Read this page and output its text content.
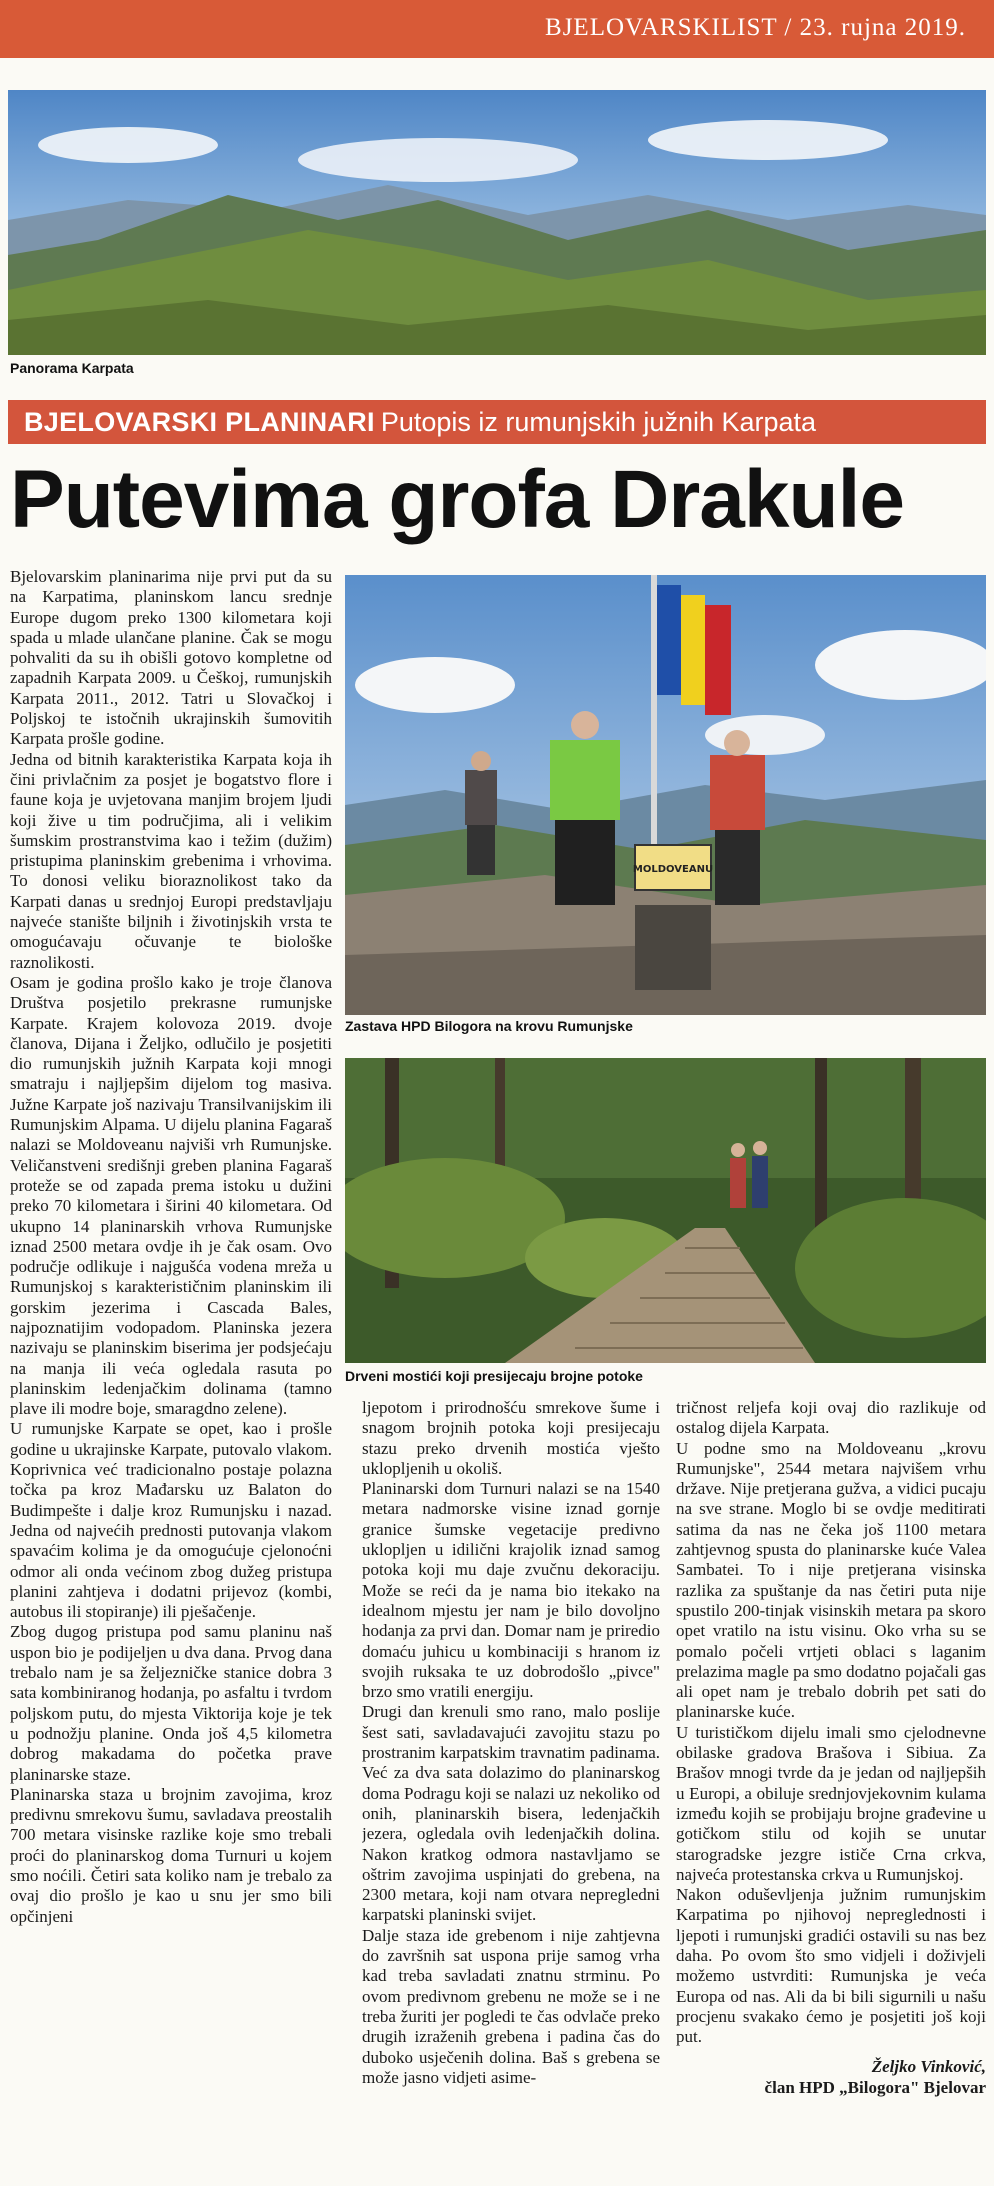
BJELOVARSKILIST / 23. rujna 2019.
Panorama Karpata
BJELOVARSKI PLANINARI Putopis iz rumunjskih južnih Karpata
Putevima grofa Drakule
MOLDOVEANU
Zastava HPD Bilogora na krovu Rumunjske
Drveni mostići koji presijecaju brojne potoke

Bjelovarskim planinarima nije prvi put da su na Karpatima, planinskom lancu srednje Europe dugom preko 1300 kilometara koji spada u mlade ulančane planine. Čak se mogu pohvaliti da su ih obišli gotovo kompletne od zapadnih Karpata 2009. u Češkoj, rumunjskih Karpata 2011., 2012. Tatri u Slovačkoj i Poljskoj te istočnih ukrajinskih šumovitih Karpata prošle godine.

Jedna od bitnih karakteristika Karpata koja ih čini privlačnim za posjet je bogatstvo flore i faune koja je uvjetovana manjim brojem ljudi koji žive u tim područjima, ali i velikim šumskim prostranstvima kao i težim (dužim) pristupima planinskim grebenima i vrhovima. To donosi veliku bioraznolikost tako da Karpati danas u srednjoj Europi predstavljaju najveće stanište biljnih i životinjskih vrsta te omogućavaju očuvanje te biološke raznolikosti.

Osam je godina prošlo kako je troje članova Društva posjetilo prekrasne rumunjske Karpate. Krajem kolovoza 2019. dvoje članova, Dijana i Željko, odlučilo je posjetiti dio rumunjskih južnih Karpata koji mnogi smatraju i najljepšim dijelom tog masiva. Južne Karpate još nazivaju Transilvanijskim ili Rumunjskim Alpama. U dijelu planina Fagaraš nalazi se Moldoveanu najviši vrh Rumunjske. Veličanstveni središnji greben planina Fagaraš proteže se od zapada prema istoku u dužini preko 70 kilometara i širini 40 kilometara. Od ukupno 14 planinarskih vrhova Rumunjske iznad 2500 metara ovdje ih je čak osam. Ovo područje odlikuje i najgušća vodena mreža u Rumunjskoj s karakterističnim planinskim ili gorskim jezerima i Cascada Bales, najpoznatijim vodopadom. Planinska jezera nazivaju se planinskim biserima jer podsjećaju na manja ili veća ogledala rasuta po planinskim ledenjačkim dolinama (tamno plave ili modre boje, smaragdno zelene).

U rumunjske Karpate se opet, kao i prošle godine u ukrajinske Karpate, putovalo vlakom. Koprivnica već tradicionalno postaje polazna točka pa kroz Mađarsku uz Balaton do Budimpešte i dalje kroz Rumunjsku i nazad. Jedna od najvećih prednosti putovanja vlakom spavaćim kolima je da omogućuje cjelonoćni odmor ali onda većinom zbog dužeg pristupa planini zahtjeva i dodatni prijevoz (kombi, autobus ili stopiranje) ili pješačenje.

Zbog dugog pristupa pod samu planinu naš uspon bio je podijeljen u dva dana. Prvog dana trebalo nam je sa željezničke stanice dobra 3 sata kombiniranog hodanja, po asfaltu i tvrdom poljskom putu, do mjesta Viktorija koje je tek u podnožju planine. Onda još 4,5 kilometra dobrog makadama do početka prave planinarske staze.

Planinarska staza u brojnim zavojima, kroz predivnu smrekovu šumu, savladava preostalih 700 metara visinske razlike koje smo trebali proći do planinarskog doma Turnuri u kojem smo noćili. Četiri sata koliko nam je trebalo za ovaj dio prošlo je kao u snu jer smo bili opčinjeni

ljepotom i prirodnošću smrekove šume i snagom brojnih potoka koji presijecaju stazu preko drvenih mostića vješto uklopljenih u okoliš.

Planinarski dom Turnuri nalazi se na 1540 metara nadmorske visine iznad gornje granice šumske vegetacije predivno uklopljen u idilični krajolik iznad samog potoka koji mu daje zvučnu dekoraciju. Može se reći da je nama bio itekako na idealnom mjestu jer nam je bilo dovoljno hodanja za prvi dan. Domar nam je priredio domaću juhicu u kombinaciji s hranom iz svojih ruksaka te uz dobrodošlo „pivce" brzo smo vratili energiju.

Drugi dan krenuli smo rano, malo poslije šest sati, savladavajući zavojitu stazu po prostranim karpatskim travnatim padinama. Već za dva sata dolazimo do planinarskog doma Podragu koji se nalazi uz nekoliko od onih, planinarskih bisera, ledenjačkih jezera, ogledala ovih ledenjačkih dolina. Nakon kratkog odmora nastavljamo se oštrim zavojima uspinjati do grebena, na 2300 metara, koji nam otvara nepregledni karpatski planinski svijet.

Dalje staza ide grebenom i nije zahtjevna do završnih sat uspona prije samog vrha kad treba savladati znatnu strminu. Po ovom predivnom grebenu ne može se i ne treba žuriti jer pogledi te čas odvlače preko drugih izraženih grebena i padina čas do duboko usječenih dolina. Baš s grebena se može jasno vidjeti asime-

tričnost reljefa koji ovaj dio razlikuje od ostalog dijela Karpata.

U podne smo na Moldoveanu „krovu Rumunjske", 2544 metara najvišem vrhu države. Nije pretjerana gužva, a vidici pucaju na sve strane. Moglo bi se ovdje meditirati satima da nas ne čeka još 1100 metara zahtjevnog spusta do planinarske kuće Valea Sambatei. To i nije pretjerana visinska razlika za spuštanje da nas četiri puta nije spustilo 200-tinjak visinskih metara pa skoro opet vratilo na istu visinu. Oko vrha su se pomalo počeli vrtjeti oblaci s laganim prelazima magle pa smo dodatno pojačali gas ali opet nam je trebalo dobrih pet sati do planinarske kuće.

U turističkom dijelu imali smo cjelodnevne obilaske gradova Brašova i Sibiua. Za Brašov mnogi tvrde da je jedan od najljepših u Europi, a obiluje srednjovjekovnim kulama između kojih se probijaju brojne građevine u gotičkom stilu od kojih se unutar starogradske jezgre ističe Crna crkva, najveća protestanska crkva u Rumunjskoj.

Nakon oduševljenja južnim rumunjskim Karpatima po njihovoj nepreglednosti i ljepoti i rumunjski gradići ostavili su nas bez daha. Po ovom što smo vidjeli i doživjeli možemo ustvrditi: Rumunjska je veća Europa od nas. Ali da bi bili sigurnili u našu procjenu svakako ćemo je posjetiti još koji put.

Željko Vinković,
član HPD „Bilogora" Bjelovar
